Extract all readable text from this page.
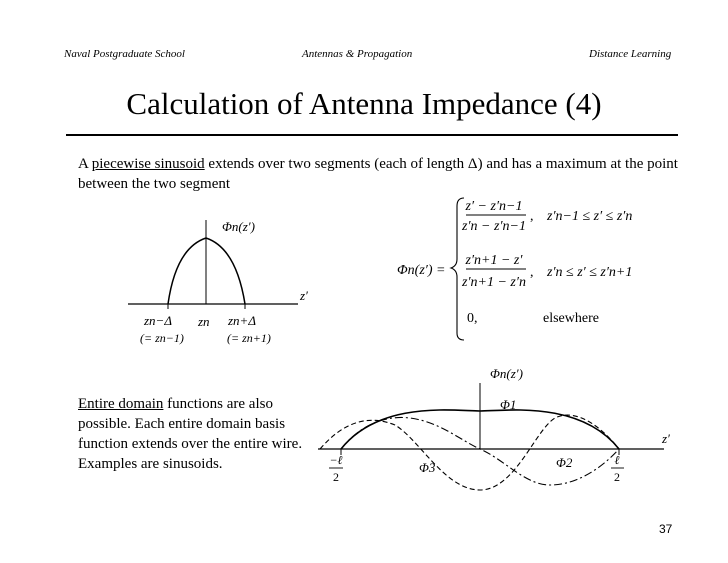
Naval Postgraduate School	Antennas & Propagation	Distance Learning
Calculation of Antenna Impedance (4)
A piecewise sinusoid extends over two segments (each of length Δ) and has a maximum at the point between the two segment
Entire domain functions are also possible. Each entire domain basis function extends over the entire wire. Examples are sinusoids.
37
Φn(z′)
z′
zn−Δ zn zn+Δ
(= zn−1)	(= zn+1)
Φn(z′) =
z′ − z′n−1
z′n − z′n−1
, z′n−1 ≤ z′ ≤ z′n
z′n+1 − z′
z′n+1 − z′n
, z′n ≤ z′ ≤ z′n+1
0,	elsewhere
Φn(z′)
z′
Φ1
Φ2
Φ3
−ℓ
2
ℓ
2
